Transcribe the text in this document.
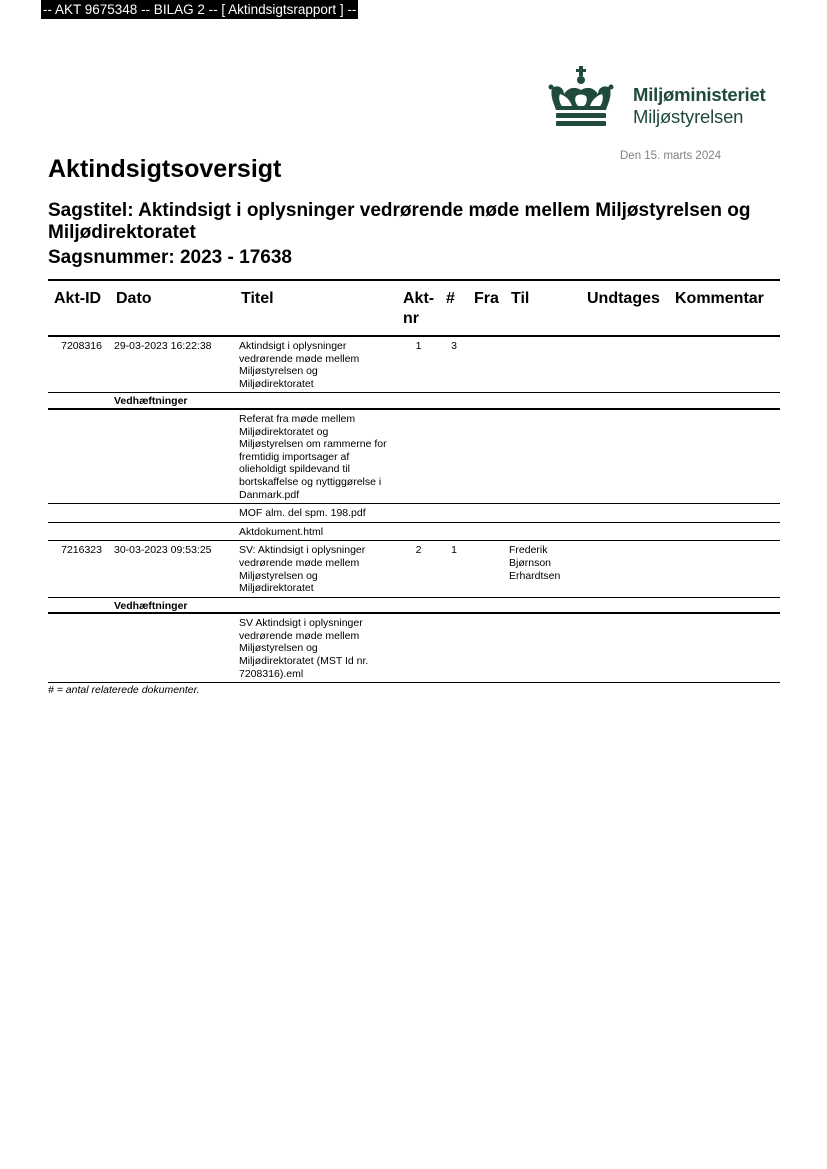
-- AKT 9675348 -- BILAG 2 -- [ Aktindsigtsrapport ] --
Miljøministeriet
Miljøstyrelsen
Den 15. marts 2024
Aktindsigtsoversigt
Sagstitel: Aktindsigt i oplysninger vedrørende møde mellem Miljøstyrelsen og Miljødirektoratet
Sagsnummer: 2023 - 17638
Akt-ID	Dato	Titel	Akt-nr	#	Fra	Til	Undtages	Kommentar
7208316	29-03-2023 16:22:38	Aktindsigt i oplysninger vedrørende møde mellem Miljøstyrelsen og Miljødirektoratet	1	3				
	Vedhæftninger							
		Referat fra møde mellem Miljødirektoratet og Miljøstyrelsen om rammerne for fremtidig importsager af olieholdigt spildevand til bortskaffelse og nyttiggørelse i Danmark.pdf						
		MOF alm. del spm. 198.pdf						
		Aktdokument.html						
7216323	30-03-2023 09:53:25	SV: Aktindsigt i oplysninger vedrørende møde mellem Miljøstyrelsen og Miljødirektoratet	2	1		Frederik Bjørnson Erhardtsen		
	Vedhæftninger							
		SV Aktindsigt i oplysninger vedrørende møde mellem Miljøstyrelsen og Miljødirektoratet (MST Id nr. 7208316).eml						
# = antal relaterede dokumenter.
